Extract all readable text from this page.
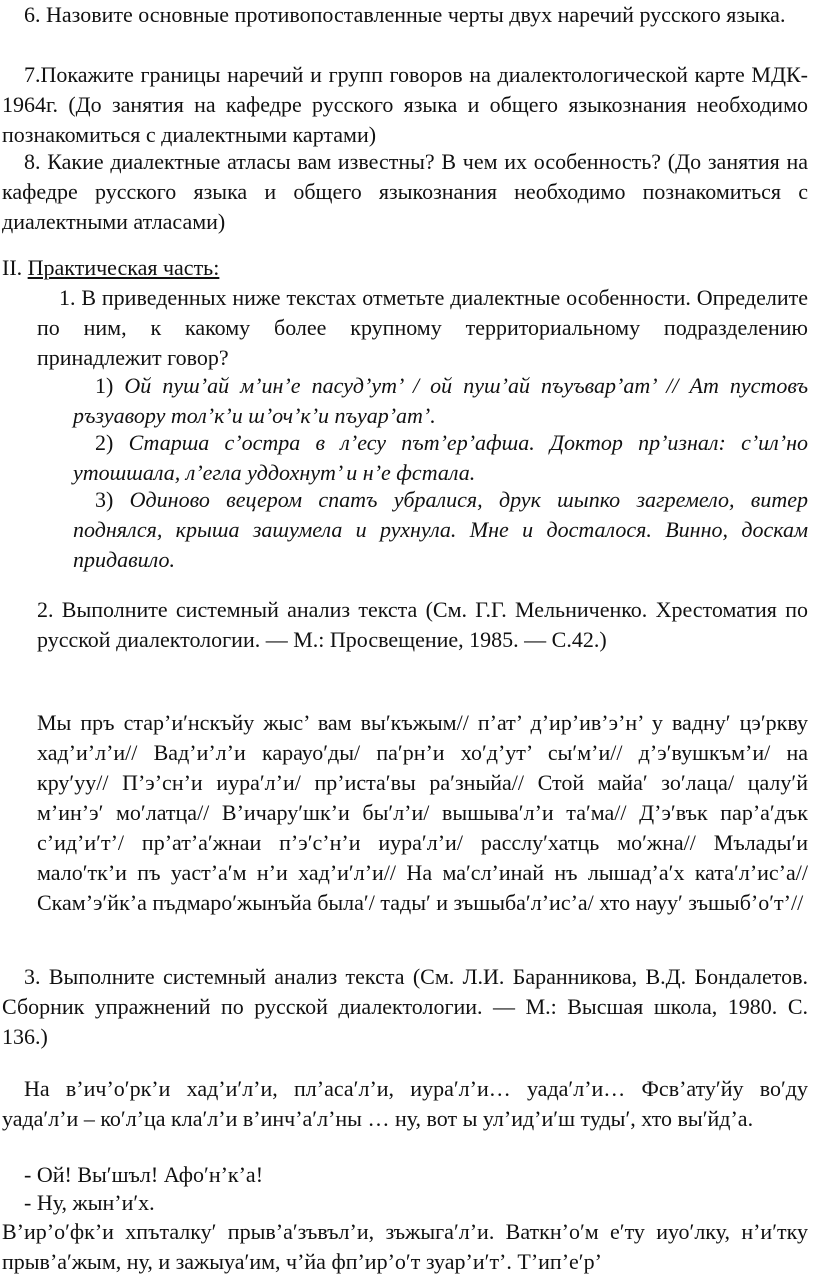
6. Назовите основные противопоставленные черты двух наречий русского языка.

7.Покажите границы наречий и групп говоров на диалектологической карте МДК- 1964г. (До занятия на кафедре русского языка и общего языкознания необходимо познакомиться с диалектными картами)

8. Какие диалектные атласы вам известны? В чем их особенность? (До занятия на кафедре русского языка и общего языкознания необходимо познакомиться с диалектными атласами)

II. Практическая часть:

1. В приведенных ниже текстах отметьте диалектные особенности. Определите по ним, к какому более крупному территориальному подразделению принадлежит говор?

1) Ой пуш’ай м’ин’е пасуд’ут’ / ой пуш’ай пъуъвар’ат’ // Ат пустовъ ръзуавору тол’к’и ш’оч’к’и пъуар’ат’.

2) Старша с’остра в л’есу път’ер’афша. Доктор пр’изнал: с’ил’но утошшала, л’егла уддохнут’ и н’е фстала.

3) Одиново вецером спатъ убралися, друк шыпко загремело, витер поднялся, крыша зашумела и рухнула. Мне и досталося. Винно, доскам придавило.

2. Выполните системный анализ текста (См. Г.Г. Мельниченко. Хрестоматия по русской диалектологии. — М.: Просвещение, 1985. — С.42.)

Мы пръ стар’и′нскъйу жыс’ вам вы′къжым// п’ат’ д’ир’ив’э’н’ у вадну′ цэ′ркву хад’и’л’и// Вад’и’л’и карауо′ды/ па′рн’и хо′д’ут’ сы′м’и// д’э′вушкъм’и/ на кру′уу// П’э’сн’и иура′л’и/ пр’иста′вы ра′зныйа// Стой майа′ зо′лаца/ цалу′й м’ин’э′ мо′латца// В’ичару′шк’и бы′л’и/ вышыва′л’и та′ма// Д’э′вък пар’а′дък с’ид’и′т’/ пр’ат’а′жнаи п’э′с’н’и иура′л’и/ расслу′хатць мо′жна// Мълады′и мало′тк’и пъ уаст’а′м н’и хад’и′л’и// На ма′сл’инай нъ лышад’а′х ката′л’ис’а// Скам’э′йк’а пъдмаро′жынъйа была′/ тады′ и зъшыба′л’ис’а/ хто науу′ зъшыб’о′т’//

3. Выполните системный анализ текста (См. Л.И. Баранникова, В.Д. Бондалетов. Сборник упражнений по русской диалектологии. — М.: Высшая школа, 1980. С. 136.)

На в’ич’о′рк’и хад’и′л’и, пл’аса′л’и, иура′л’и… уада′л’и… Фсв’ату′йу во′ду уада′л’и – ко′л’ца кла′л’и в’инч’а′л’ны … ну, вот ы ул’ид’и′ш туды′, хто вы′йд’а.

- Ой! Вы′шъл! Афо′н’к’а!

- Ну, жын’и′х.

В’ир’о′фк’и хпъталку′ прыв’а′зъвъл’и, зъжыга′л’и. Ваткн’о′м е′ту иуо′лку, н’и′тку прыв’а′жым, ну, и зажыуа′им, ч’йа фп’ир’о′т зуар’и′т’. Т’ип’е′р’
